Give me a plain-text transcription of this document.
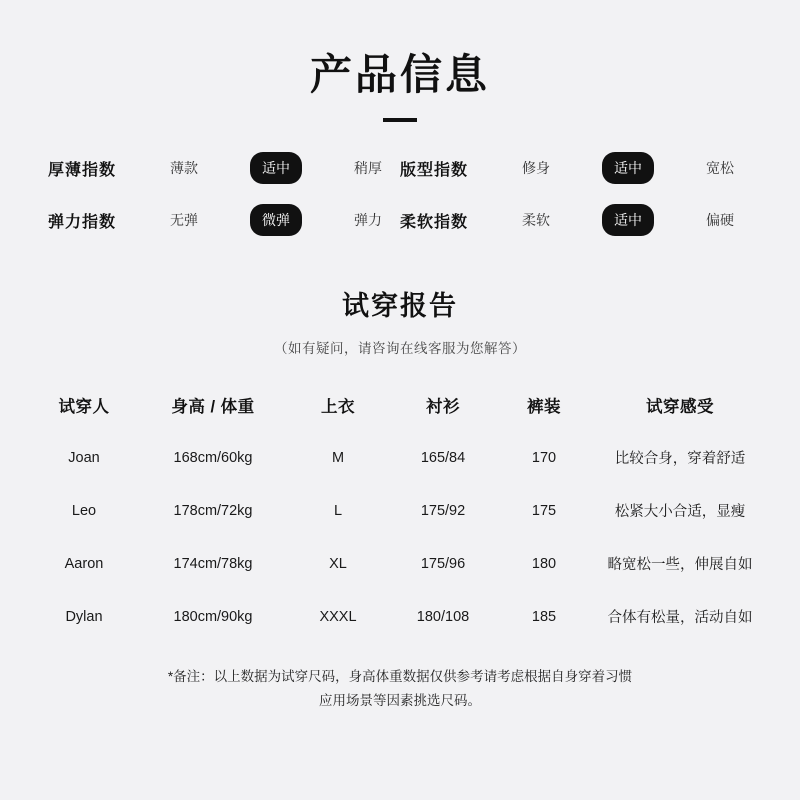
产品信息
厚薄指数	薄款	适中	稍厚	版型指数	修身	适中	宽松
弹力指数	无弹	微弹	弹力	柔软指数	柔软	适中	偏硬
试穿报告
（如有疑问，请咨询在线客服为您解答）
试穿人	身高 / 体重	上衣	衬衫	裤装	试穿感受
Joan	168cm/60kg	M	165/84	170	比较合身，穿着舒适
Leo	178cm/72kg	L	175/92	175	松紧大小合适，显瘦
Aaron	174cm/78kg	XL	175/96	180	略宽松一些，伸展自如
Dylan	180cm/90kg	XXXL	180/108	185	合体有松量，活动自如
*备注：以上数据为试穿尺码，身高体重数据仅供参考请考虑根据自身穿着习惯
应用场景等因素挑选尺码。
